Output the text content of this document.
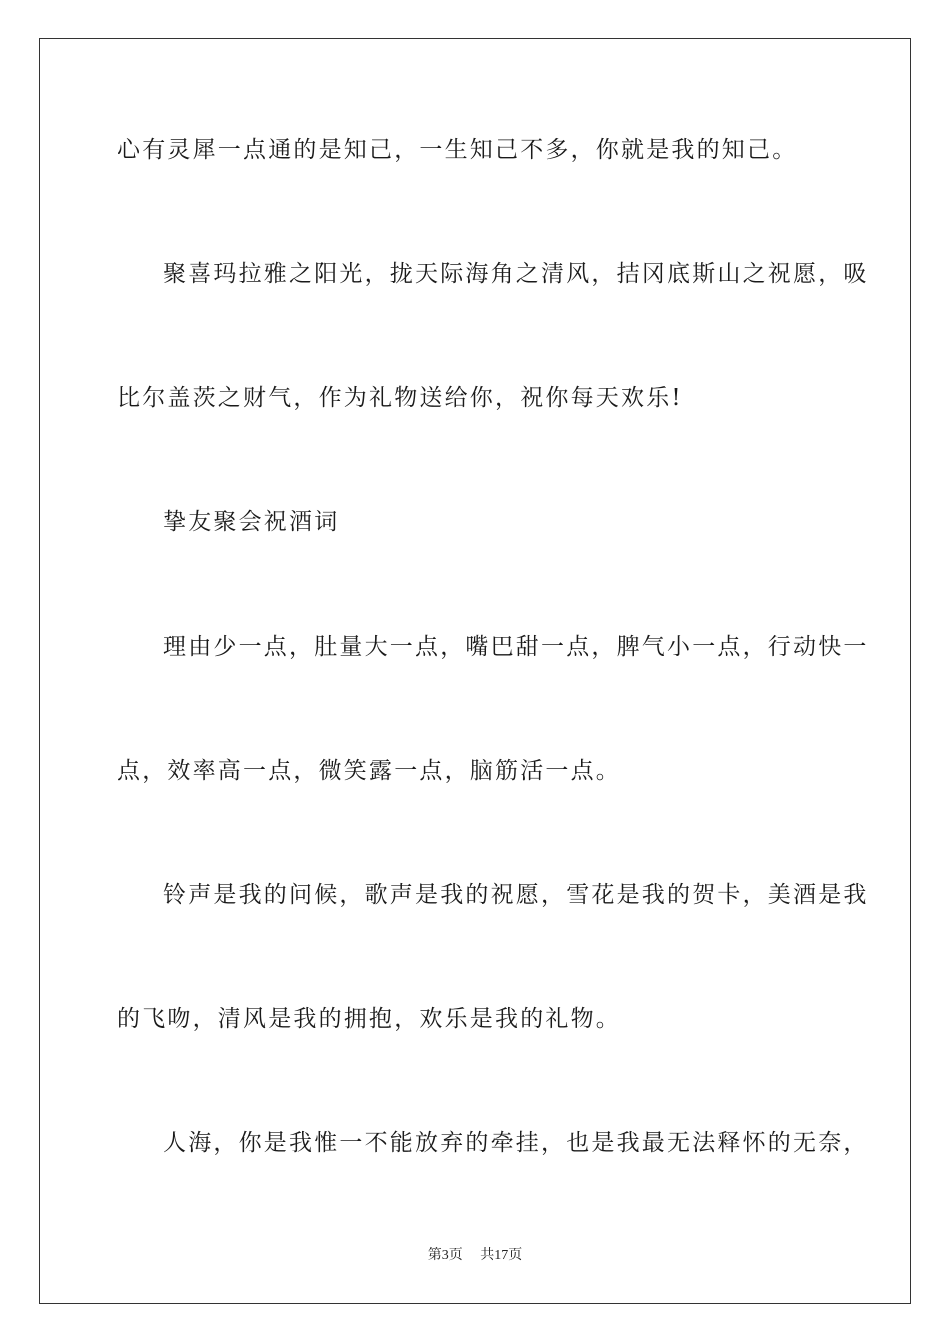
心有灵犀一点通的是知己，一生知己不多，你就是我的知己。
聚喜玛拉雅之阳光，拢天际海角之清风，拮冈底斯山之祝愿，吸
比尔盖茨之财气，作为礼物送给你，祝你每天欢乐!
挚友聚会祝酒词
理由少一点，肚量大一点，嘴巴甜一点，脾气小一点，行动快一
点，效率高一点，微笑露一点，脑筋活一点。
铃声是我的问候，歌声是我的祝愿，雪花是我的贺卡，美酒是我
的飞吻，清风是我的拥抱，欢乐是我的礼物。
人海，你是我惟一不能放弃的牵挂，也是我最无法释怀的无奈，
第3页 共17页
